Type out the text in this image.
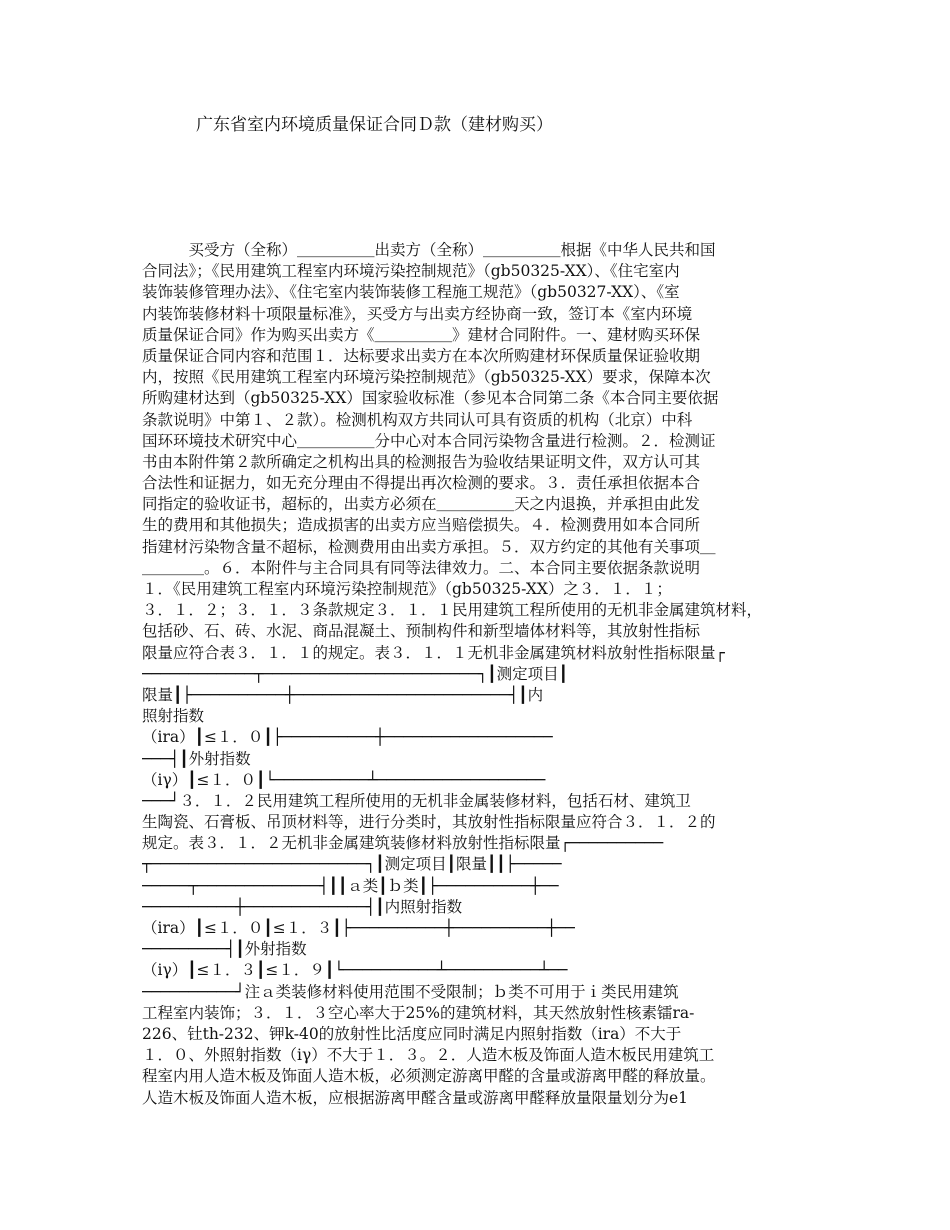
广东省室内环境质量保证合同Ｄ款（建材购买）
　　　买受方（全称）＿＿＿＿＿出卖方（全称）＿＿＿＿＿根据《中华人民共和国
合同法》；《民用建筑工程室内环境污染控制规范》（gb50325-XX）、《住宅室内
装饰装修管理办法》、《住宅室内装饰装修工程施工规范》（gb50327-XX）、《室
内装饰装修材料十项限量标准》，买受方与出卖方经协商一致，签订本《室内环境
质量保证合同》作为购买出卖方《＿＿＿＿＿》建材合同附件。一、建材购买环保
质量保证合同内容和范围１．达标要求出卖方在本次所购建材环保质量保证验收期
内，按照《民用建筑工程室内环境污染控制规范》（gb50325-XX）要求，保障本次
所购建材达到（gb50325-XX）国家验收标准（参见本合同第二条《本合同主要依据
条款说明》中第１、２款）。检测机构双方共同认可具有资质的机构（北京）中科
国环环境技术研究中心＿＿＿＿＿分中心对本合同污染物含量进行检测。２．检测证
书由本附件第２款所确定之机构出具的检测报告为验收结果证明文件，双方认可其
合法性和证据力，如无充分理由不得提出再次检测的要求。３．责任承担依据本合
同指定的验收证书，超标的，出卖方必须在＿＿＿＿＿天之内退换，并承担由此发
生的费用和其他损失；造成损害的出卖方应当赔偿损失。４．检测费用如本合同所
指建材污染物含量不超标，检测费用由出卖方承担。５．双方约定的其他有关事项＿
＿＿＿＿。６．本附件与主合同具有同等法律效力。二、本合同主要依据条款说明
１．《民用建筑工程室内环境污染控制规范》（gb50325-XX）之３．１．１；
３．１．２；３．１．３条款规定３．１．１民用建筑工程所使用的无机非金属建筑材料，
包括砂、石、砖、水泥、商品混凝土、预制构件和新型墙体材料等，其放射性指标
限量应符合表３．１．１的规定。表３．１．１无机非金属建筑材料放射性指标限量┌
────────────┬───────────────────────┐┃测定项目┃
限量┃├──────────┼───────────────────────┤┃内
照射指数
（ira）┃≤１．０┃├──────────┼──────────────────
───┤┃外射指数
（iγ）┃≤１．０┃└──────────┴──────────────────
───┘３．１．２民用建筑工程所使用的无机非金属装修材料，包括石材、建筑卫
生陶瓷、石膏板、吊顶材料等，进行分类时，其放射性指标限量应符合３．１．２的
规定。表３．１．２无机非金属建筑装修材料放射性指标限量┌──────────
┬───────────────────────┐┃测定项目┃限量┃┃├─────
─────┬─────────────┤┃┃ａ类┃ｂ类┃├──────────┼──
──────────┼─────────────┤┃内照射指数
（ira）┃≤１．０┃≤１．３┃├──────────┼──────────┼──
─────────┤┃外射指数
（iγ）┃≤１．３┃≤１．９┃└──────────┴──────────┴──
──────────┘注ａ类装修材料使用范围不受限制；ｂ类不可用于ｉ类民用建筑
工程室内装饰；３．１．３空心率大于25%的建筑材料，其天然放射性核素镭ra-
226、钍th-232、钾k-40的放射性比活度应同时满足内照射指数（ira）不大于
１．０、外照射指数（iγ）不大于１．３。２．人造木板及饰面人造木板民用建筑工
程室内用人造木板及饰面人造木板，必须测定游离甲醛的含量或游离甲醛的释放量。
人造木板及饰面人造木板，应根据游离甲醛含量或游离甲醛释放量限量划分为e1
